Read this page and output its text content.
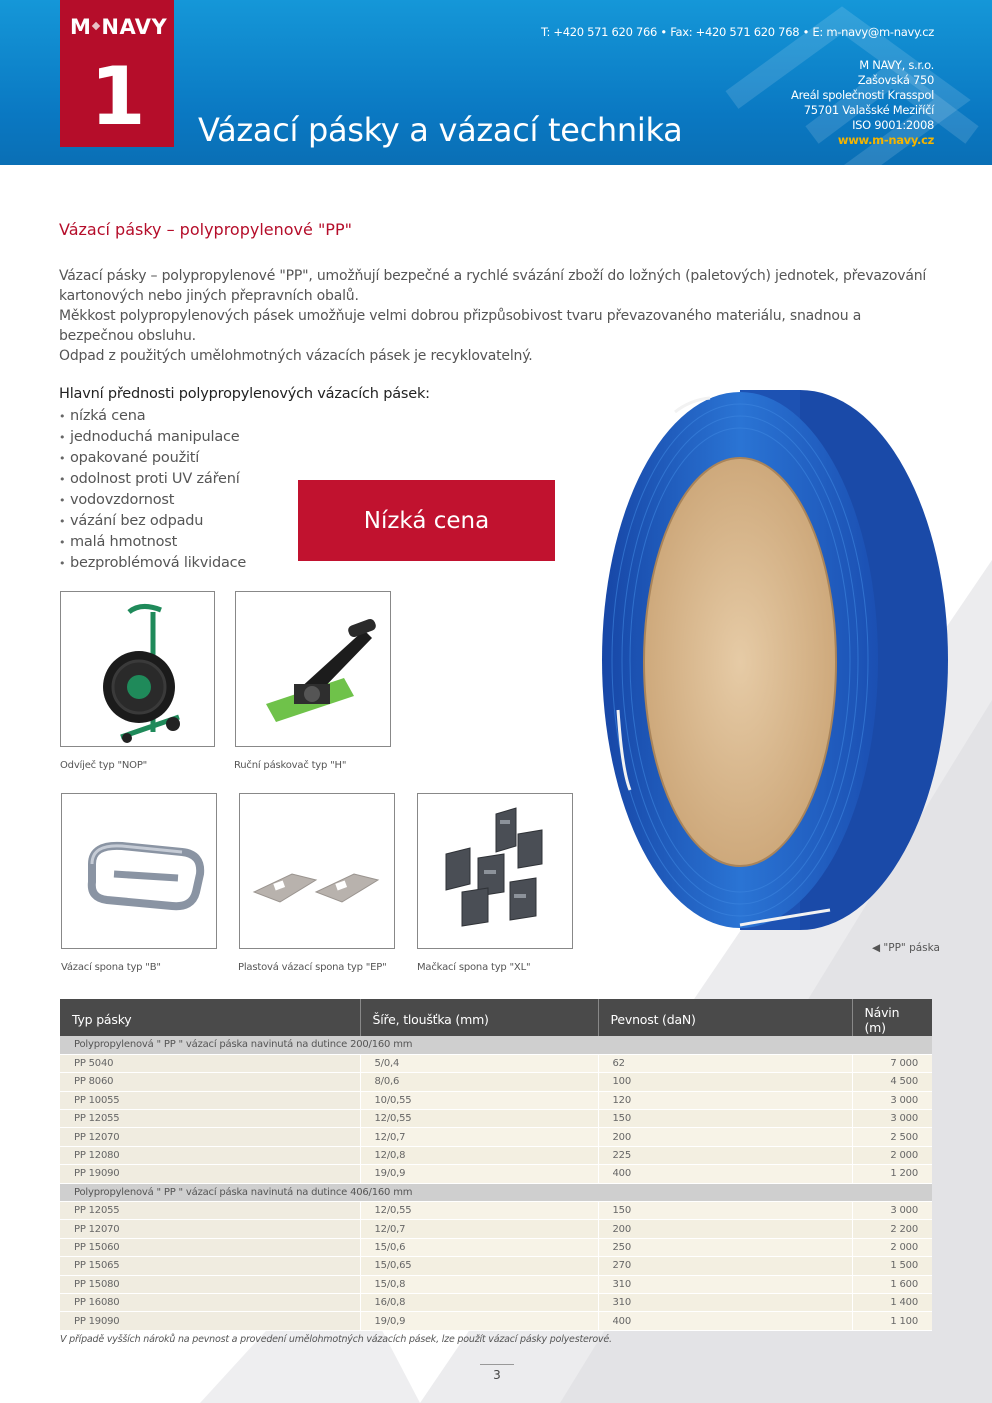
M NAVY
1 Vázací pásky a vázací technika
T: +420 571 620 766 • Fax: +420 571 620 768 • E: m-navy@m-navy.cz
M NAVY, s.r.o.
Zašovská 750
Areál společnosti Krasspol
75701 Valašské Meziříčí
ISO 9001:2008
www.m-navy.cz
Vázací pásky – polypropylenové "PP"

Vázací pásky – polypropylenové "PP", umožňují bezpečné a rychlé svázání zboží do ložných (paletových) jednotek, převazování kartonových nebo jiných přepravních obalů.

Měkkost polypropylenových pásek umožňuje velmi dobrou přizpůsobivost tvaru převazovaného materiálu, snadnou a bezpečnou obsluhu.

Odpad z použitých umělohmotných vázacích pásek je recyklovatelný.

Hlavní přednosti polypropylenových vázacích pásek:
• nízká cena
• jednoduchá manipulace
• opakované použití
• odolnost proti UV záření
• vodovzdornost
• vázání bez odpadu
• malá hmotnost
• bezproblémová likvidace
Nízká cena
Odvíječ typ "NOP"	Ruční páskovač typ "H"
Vázací spona typ "B"	Plastová vázací spona typ "EP"	Mačkací spona typ "XL"
◀ "PP" páska
Typ pásky	Šíře, tloušťka (mm)	Pevnost (daN)	Návin (m)
Polypropylenová " PP " vázací páska navinutá na dutince 200/160 mm			
PP 5040	5/0,4	62	7 000
PP 8060	8/0,6	100	4 500
PP 10055	10/0,55	120	3 000
PP 12055	12/0,55	150	3 000
PP 12070	12/0,7	200	2 500
PP 12080	12/0,8	225	2 000
PP 19090	19/0,9	400	1 200
Polypropylenová " PP " vázací páska navinutá na dutince 406/160 mm			
PP 12055	12/0,55	150	3 000
PP 12070	12/0,7	200	2 200
PP 15060	15/0,6	250	2 000
PP 15065	15/0,65	270	1 500
PP 15080	15/0,8	310	1 600
PP 16080	16/0,8	310	1 400
PP 19090	19/0,9	400	1 100
V případě vyšších nároků na pevnost a provedení umělohmotných vázacích pásek, lze použít vázací pásky polyesterové.
3
